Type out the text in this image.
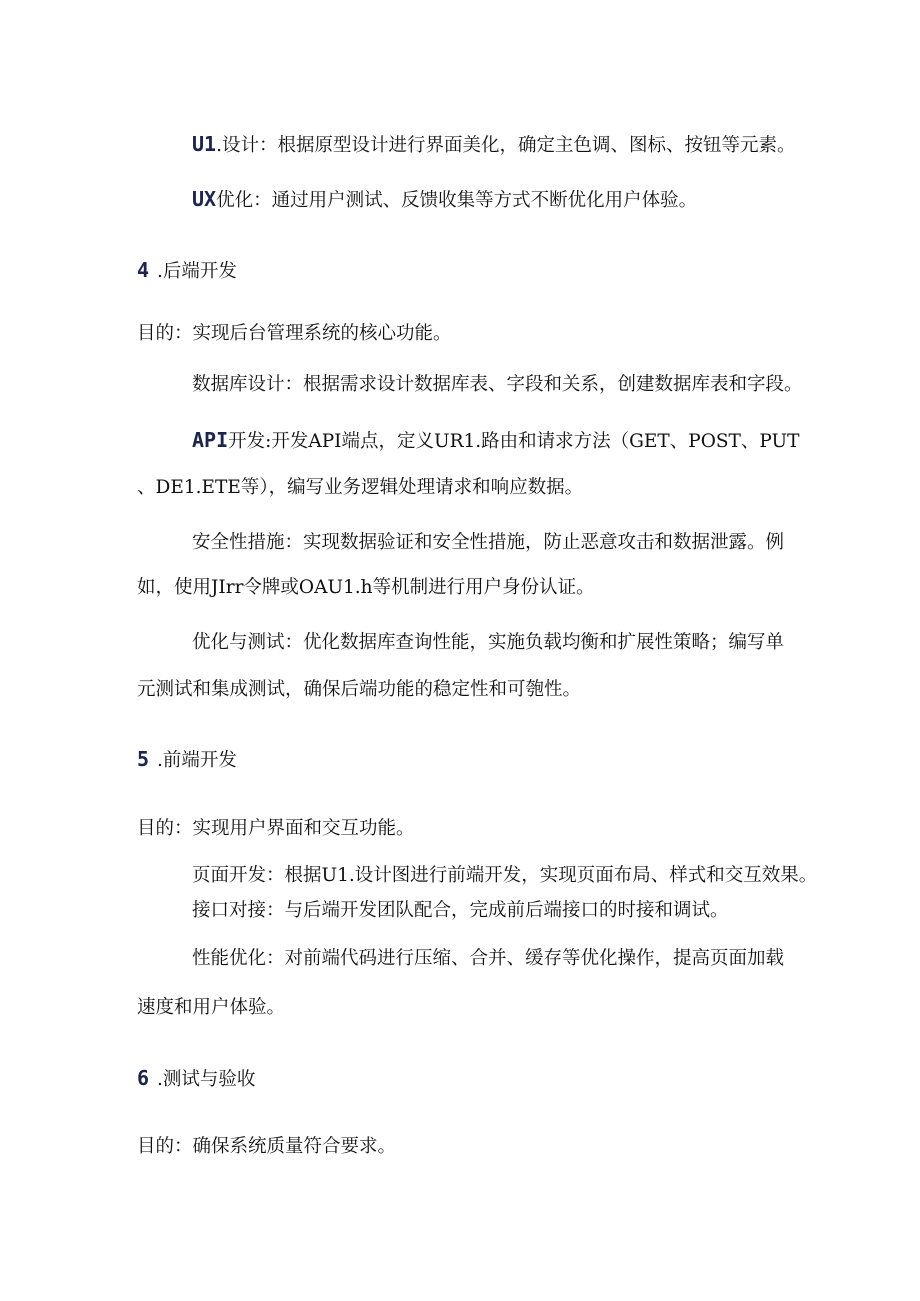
U1.设计：根据原型设计进行界面美化，确定主色调、图标、按钮等元素。
UX优化：通过用户测试、反馈收集等方式不断优化用户体验。
4 .后端开发
目的：实现后台管理系统的核心功能。
数据库设计：根据需求设计数据库表、字段和关系，创建数据库表和字段。
API开发:开发API端点，定义UR1.路由和请求方法（GET、POST、PUT
、DE1.ETE等），编写业务逻辑处理请求和响应数据。
安全性措施：实现数据验证和安全性措施，防止恶意攻击和数据泄露。例
如，使用JIrr令牌或OAU1.h等机制进行用户身份认证。
优化与测试：优化数据库查询性能，实施负载均衡和扩展性策略；编写单
元测试和集成测试，确保后端功能的稳定性和可匏性。
5 .前端开发
目的：实现用户界面和交互功能。
页面开发：根据U1.设计图进行前端开发，实现页面布局、样式和交互效果。
接口对接：与后端开发团队配合，完成前后端接口的时接和调试。
性能优化：对前端代码进行压缩、合并、缓存等优化操作，提高页面加载
速度和用户体验。
6 .测试与验收
目的：确保系统质量符合要求。
